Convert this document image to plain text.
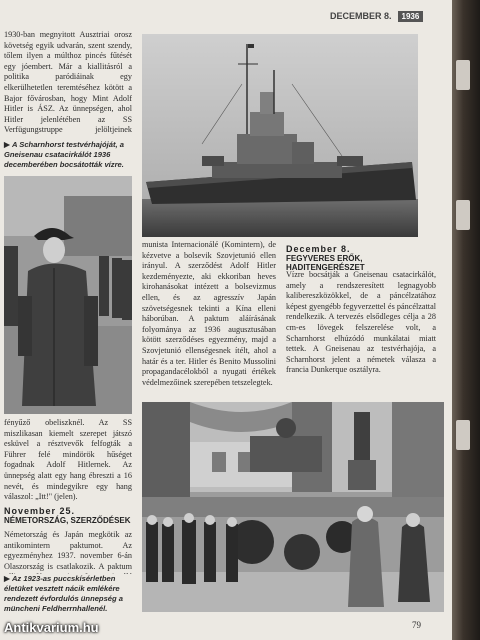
DECEMBER 8.	1936
1930-ban megnyitott Ausztriai orosz követség egyik udvarán, szent szendy, tőlem ilyen a múlthoz pincés fűtését egy jóembert. Már a kiallitásról a politika paródiáinak egy elkerülhetetlen teremtéséhez kötött a Bajor fővárosban, hogy Mint Adolf Hitler is ÁSZ. Az ünnepségen, ahol Hitler jelenlétében az SS Verfügungstruppe jelöltjeinek
▶ A Scharnhorst testvérhajóját, a Gneisenau csatacirkálót 1936 decemberében bocsátották vízre.
fényűző obeliszknél. Az SS miszlikasan kiemelt szerepet játszó esküvel a résztvevők felfogták a Führer felé mindörök hűséget fogadnak Adolf Hitlernek. Az ünnepség alatt egy hang ébreszti a 16 nevét, és mindegyikre egy hang válaszol: „Itt!" (jelen).
November 25.
NÉMETORSZÁG, SZERZŐDÉSEK
Németország és Japán megkötik az antikomintern paktumot. Az egyezményhez 1937. november 6-án Olaszország is csatlakozik. A paktum
▶ Az 1923-as puccskísérletben életüket vesztett nácik emlékére rendezett évfordulós ünnepség a müncheni Feldherrnhallenél.
munista Internacionálé (Komintern), de kézvetve a bolsevik Szovjetunió ellen irányul. A szerződést Adolf Hitler kezdeményezte, aki ekkoriban heves kirohanásokat intézett a bolsevizmus ellen, és az agresszív Japán szövetségesnek tekinti a Kína elleni háborúban. A paktum aláírásának folyománya az 1936 augusztusában kötött szerződéses egyezmény, majd a Szovjetunió ellenségesnek ítélt, ahol a határ és a ter. Hitler és Benito Mussolini propagandacélokból a nyugati értékek védelmezőinek szerepében tetszelegtek.
December 8.
FEGYVERES ERŐK, HADITENGERÉSZET
Vízre bocsátják a Gneisenau csatacirkálót, amely a rendszeresített legnagyobb kalibereszközökkel, de a páncélzatához képest gyengébb fegyverzettel és páncélzattal rendelkezik. A tervezés elsődleges célja a 28 cm-es lövegek felszerelése volt, a Scharnhorst elhúzódó munkálatai miatt tettek. A Gneisenau az testvérhajója, a Scharnhorst jelent a németek válasza a francia Dunkerque osztályra.
79
Antikvarium.hu
